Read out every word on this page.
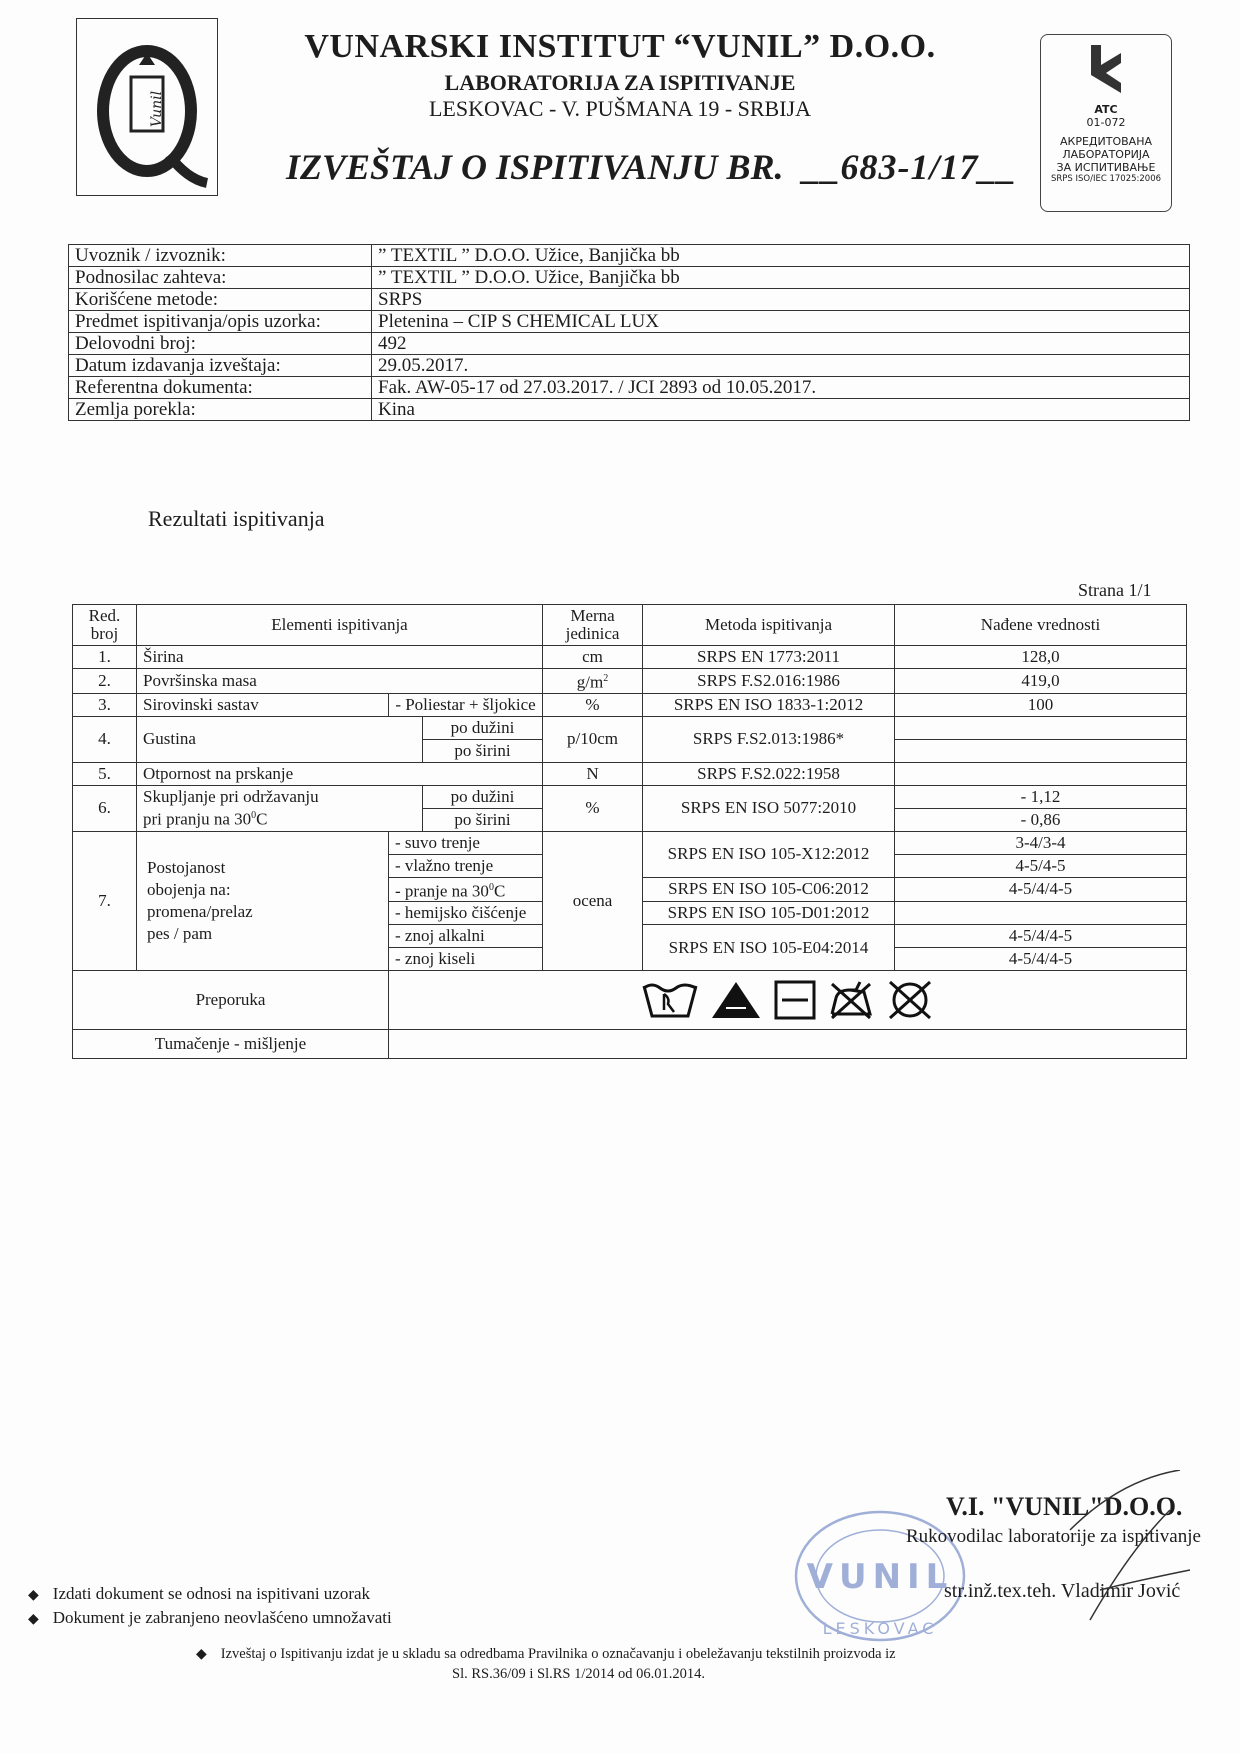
Vunil
VUNARSKI INSTITUT “VUNIL” D.O.O.
LABORATORIJA ZA ISPITIVANJE
LESKOVAC - V. PUŠMANA 19 - SRBIJA
IZVEŠTAJ O ISPITIVANJU BR.  __683-1/17__
ATC
01-072
АКРЕДИТОВАНА
ЛАБОРАТОРИЈА
ЗА ИСПИТИВАЊЕ
SRPS ISO/IEC 17025:2006
Uvoznik / izvoznik:	” TEXTIL ” D.O.O. Užice, Banjička bb
Podnosilac zahteva:	” TEXTIL ” D.O.O. Užice, Banjička bb
Korišćene metode:	SRPS
Predmet ispitivanja/opis uzorka:	Pletenina – CIP S CHEMICAL LUX
Delovodni broj:	492
Datum izdavanja izveštaja:	29.05.2017.
Referentna dokumenta:	Fak. AW-05-17 od 27.03.2017. / JCI 2893 od 10.05.2017.
Zemlja porekla:	Kina
Rezultati ispitivanja
Strana 1/1
Red. broj	Elementi ispitivanja			Merna jedinica	Metoda ispitivanja	Nađene vrednosti
1.	Širina			cm	SRPS EN 1773:2011	128,0
2.	Površinska masa			$g/m^2$	SRPS F.S2.016:1986	419,0
3.	Sirovinski sastav	- Poliestar + šljokice		%	SRPS EN ISO 1833-1:2012	100
4.	Gustina		po dužini	p/10cm	SRPS F.S2.013:1986*	
			po širini			
5.	Otpornost na prskanje			N	SRPS F.S2.022:1958	
6.	Skupljanje pri održavanju
pri pranju na $30^0C$		po dužini	%	SRPS EN ISO 5077:2010	- 1,12
			po širini			- 0,86
7.	Postojanost
obojenja na:
promena/prelaz
pes / pam	- suvo trenje		ocena	SRPS EN ISO 105-X12:2012	3-4/3-4
		- vlažno trenje				4-5/4-5
		- pranje na $30^0C$			SRPS EN ISO 105-C06:2012	4-5/4/4-5
		- hemijsko čišćenje			SRPS EN ISO 105-D01:2012	
		- znoj alkalni			SRPS EN ISO 105-E04:2014	4-5/4/4-5
		- znoj kiseli				4-5/4/4-5
Preporuka	

Tumačenje - mišljenje						
VUNIL
LESKOVAC
V.I. "VUNIL"D.O.O.
Rukovodilac laboratorije za ispitivanje
str.inž.tex.teh. Vladimir Jović
◆ Izdati dokument se odnosi na ispitivani uzorak
◆ Dokument je zabranjeno neovlašćeno umnožavati
◆ Izveštaj o Ispitivanju izdat je u skladu sa odredbama Pravilnika o označavanju i obeležavanju tekstilnih proizvoda iz
Sl. RS.36/09 i Sl.RS 1/2014 od 06.01.2014.
